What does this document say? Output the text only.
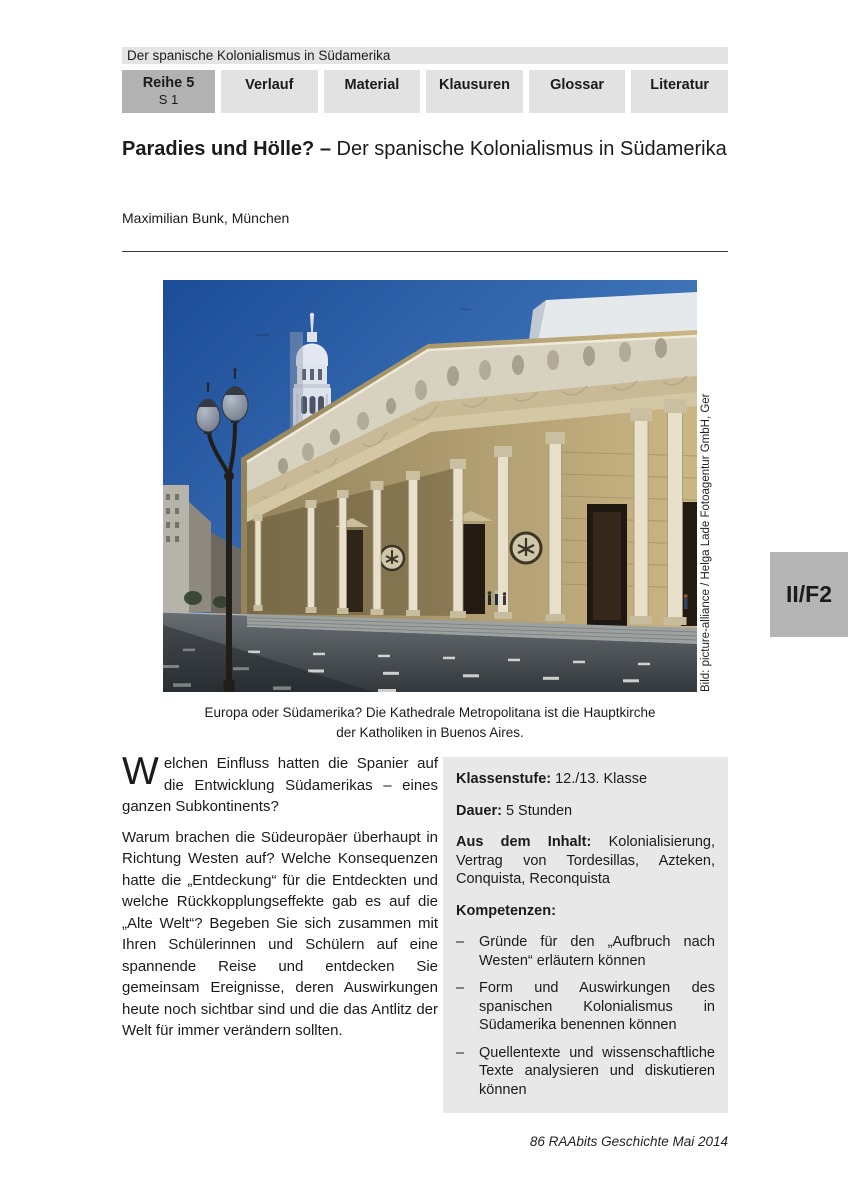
Der spanische Kolonialismus in Südamerika
Reihe 5
S 1
Verlauf	Material	Klausuren	Glossar	Literatur
Paradies und Hölle? – Der spanische Kolonialismus in Südamerika
Maximilian Bunk, München
Bild: picture-alliance / Helga Lade Fotoagentur GmbH, Ger	II/F2
Europa oder Südamerika? Die Kathedrale Metropolitana ist die Hauptkirche
der Katholiken in Buenos Aires.

Welchen Einfluss hatten die Spanier auf die Entwicklung Südamerikas – eines ganzen Subkontinents?

Warum brachen die Südeuropäer überhaupt in Richtung Westen auf? Welche Konsequenzen hatte die „Entdeckung“ für die Entdeckten und welche Rückkopplungseffekte gab es auf die „Alte Welt“? Begeben Sie sich zusammen mit Ihren Schülerinnen und Schülern auf eine spannende Reise und entdecken Sie gemeinsam Ereignisse, deren Auswirkungen heute noch sichtbar sind und die das Antlitz der Welt für immer verändern sollten.

Klassenstufe: 12./13. Klasse

Dauer: 5 Stunden

Aus dem Inhalt: Kolonialisierung, Vertrag von Tordesillas, Azteken, Conquista, Reconquista

Kompetenzen:

–	Gründe für den „Aufbruch nach Westen“ erläutern können
–	Form und Auswirkungen des spanischen Kolonialismus in Südamerika benennen können
–	Quellentexte und wissenschaftliche Texte analysieren und diskutieren können
86 RAAbits Geschichte Mai 2014
